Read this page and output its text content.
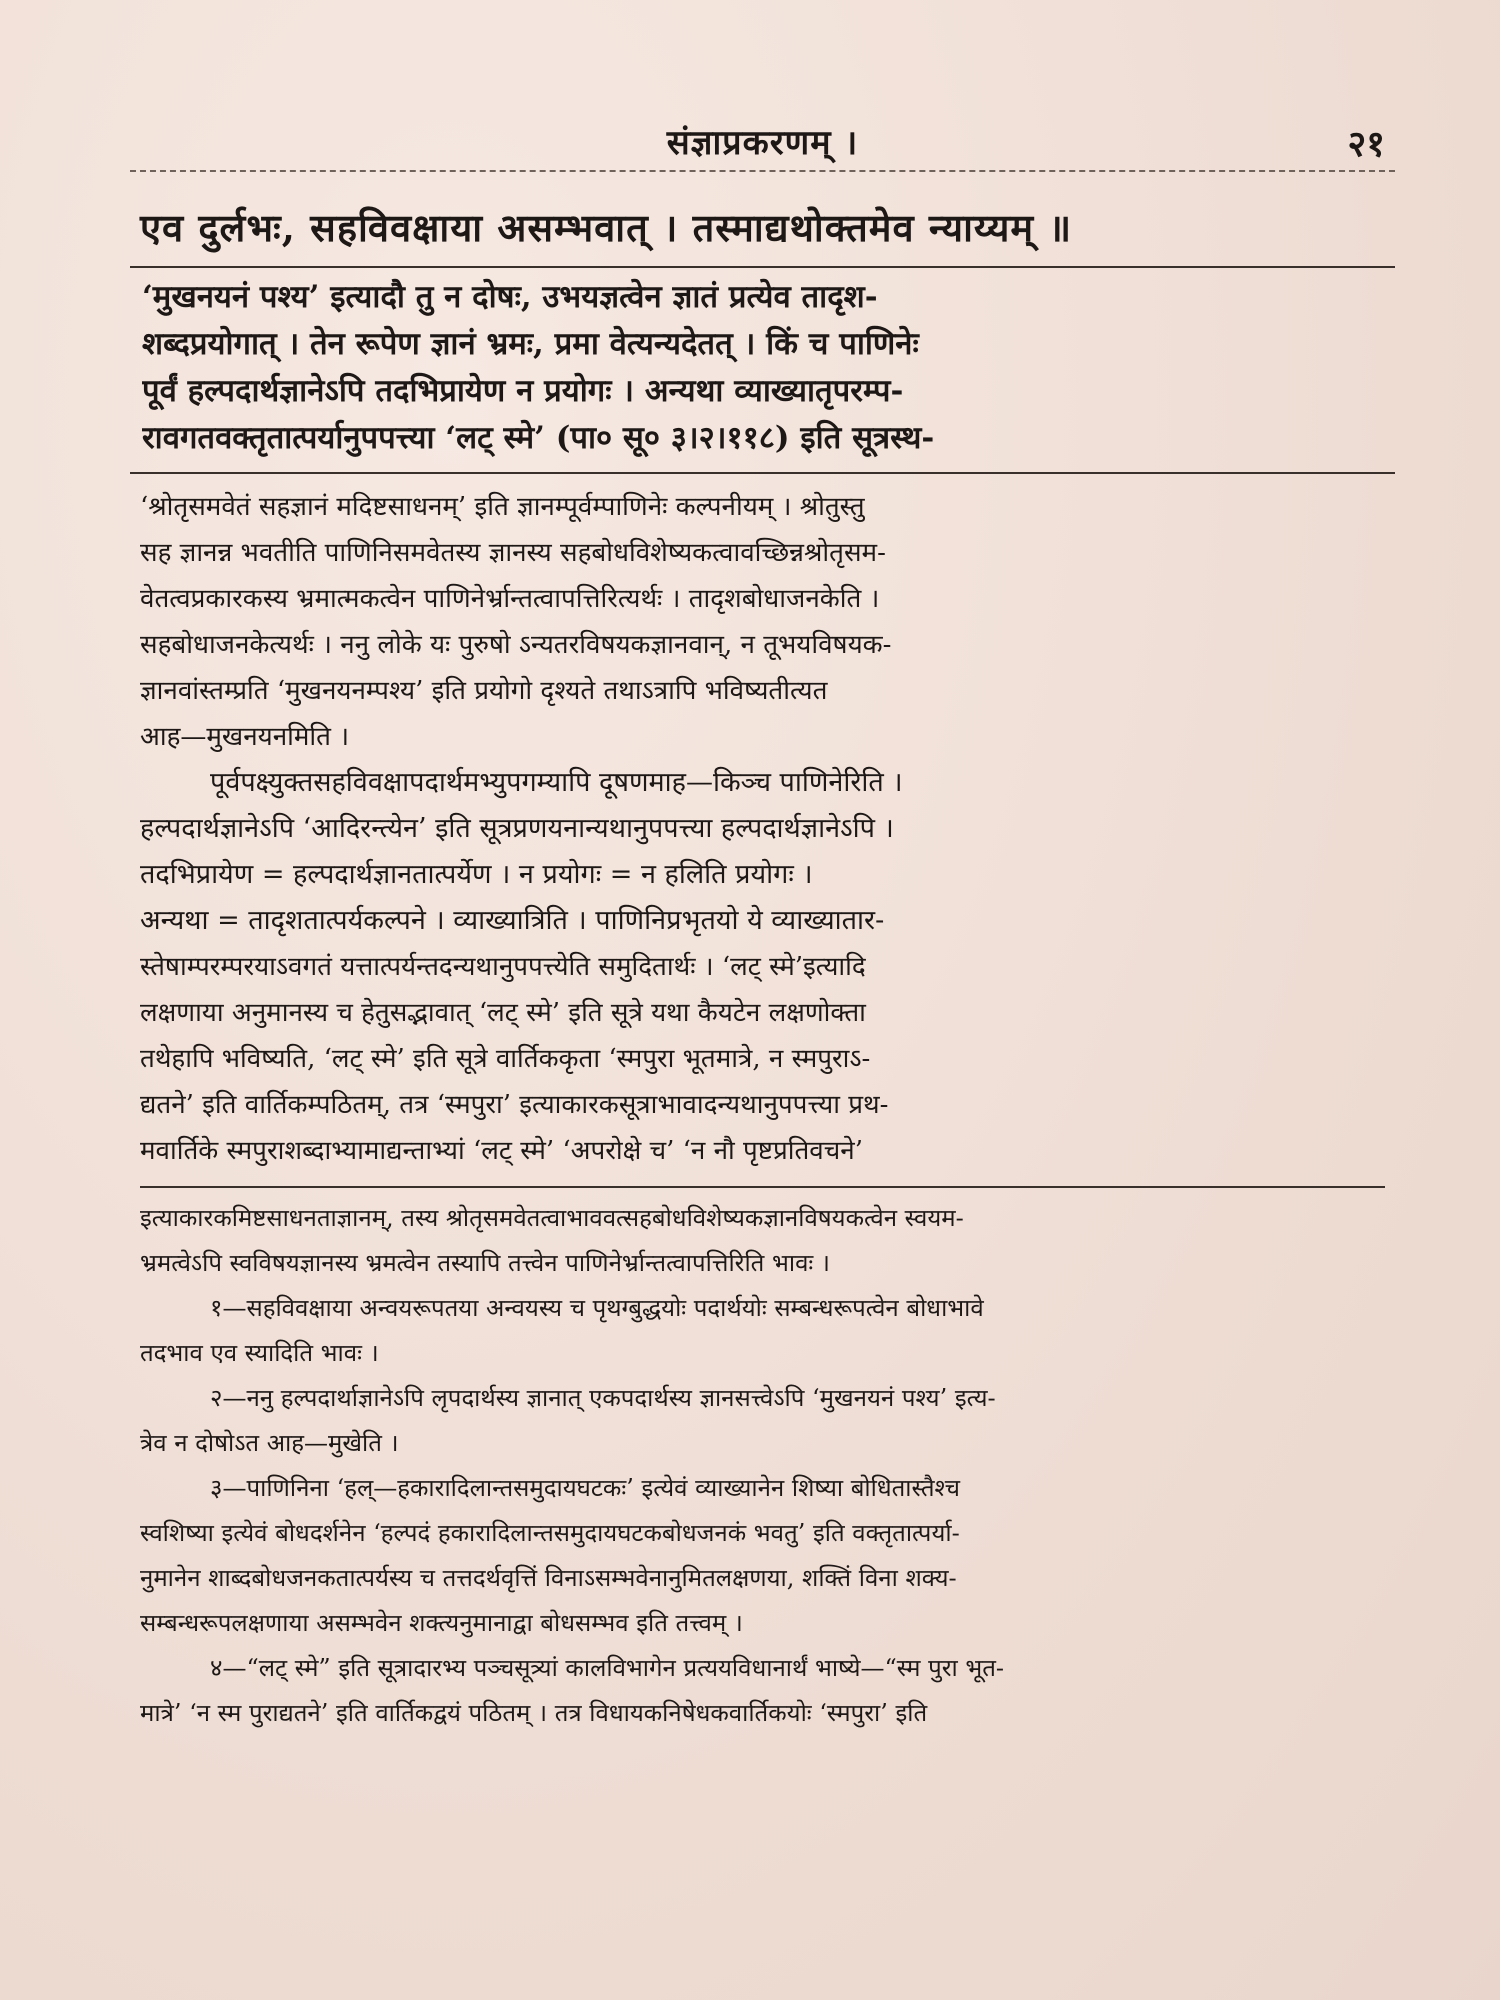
संज्ञाप्रकरणम् ।	२१
एव दुर्लभः, सहविवक्षाया असम्भवात् । तस्माद्यथोक्तमेव न्याय्यम् ॥
‘मुखनयनं पश्य’ इत्यादौ तु न दोषः, उभयज्ञत्वेन ज्ञातं प्रत्येव तादृश-
शब्दप्रयोगात् । तेन रूपेण ज्ञानं भ्रमः, प्रमा वेत्यन्यदेतत् । किं च पाणिनेः
पूर्वं हल्पदार्थज्ञानेऽपि तदभिप्रायेण न प्रयोगः । अन्यथा व्याख्यातृपरम्प-
रावगतवक्तृतात्पर्यानुपपत्त्या ‘लट् स्मे’ (पा० सू० ३।२।११८) इति सूत्रस्थ-
‘श्रोतृसमवेतं सहज्ञानं मदिष्टसाधनम्’ इति ज्ञानम्पूर्वम्पाणिनेः कल्पनीयम् । श्रोतुस्तु
सह ज्ञानन्न भवतीति पाणिनिसमवेतस्य ज्ञानस्य सहबोधविशेष्यकत्वावच्छिन्नश्रोतृसम-
वेतत्वप्रकारकस्य भ्रमात्मकत्वेन पाणिनेर्भ्रान्तत्वापत्तिरित्यर्थः । तादृशबोधाजनकेति ।
सहबोधाजनकेत्यर्थः । ननु लोके यः पुरुषो ऽन्यतरविषयकज्ञानवान्, न तूभयविषयक-
ज्ञानवांस्तम्प्रति ‘मुखनयनम्पश्य’ इति प्रयोगो दृश्यते तथाऽत्रापि भविष्यतीत्यत
आह—मुखनयनमिति ।
पूर्वपक्ष्युक्तसहविवक्षापदार्थमभ्युपगम्यापि दूषणमाह—किञ्च पाणिनेरिति ।
हल्पदार्थज्ञानेऽपि ‘आदिरन्त्येन’ इति सूत्रप्रणयनान्यथानुपपत्त्या हल्पदार्थज्ञानेऽपि ।
तदभिप्रायेण = हल्पदार्थज्ञानतात्पर्येण । न प्रयोगः = न हलिति प्रयोगः ।
अन्यथा = तादृशतात्पर्यकल्पने । व्याख्यात्रिति । पाणिनिप्रभृतयो ये व्याख्यातार-
स्तेषाम्परम्परयाऽवगतं यत्तात्पर्यन्तदन्यथानुपपत्त्येति समुदितार्थः । ‘लट् स्मे’इत्यादि
लक्षणाया अनुमानस्य च हेतुसद्भावात् ‘लट् स्मे’ इति सूत्रे यथा कैयटेन लक्षणोक्ता
तथेहापि भविष्यति, ‘लट् स्मे’ इति सूत्रे वार्तिककृता ‘स्मपुरा भूतमात्रे, न स्मपुराऽ-
द्यतने’ इति वार्तिकम्पठितम्, तत्र ‘स्मपुरा’ इत्याकारकसूत्राभावादन्यथानुपपत्त्या प्रथ-
मवार्तिके स्मपुराशब्दाभ्यामाद्यन्ताभ्यां ‘लट् स्मे’ ‘अपरोक्षे च’ ‘न नौ पृष्टप्रतिवचने’
इत्याकारकमिष्टसाधनताज्ञानम्, तस्य श्रोतृसमवेतत्वाभाववत्सहबोधविशेष्यकज्ञानविषयकत्वेन स्वयम-
भ्रमत्वेऽपि स्वविषयज्ञानस्य भ्रमत्वेन तस्यापि तत्त्वेन पाणिनेर्भ्रान्तत्वापत्तिरिति भावः ।
१—सहविवक्षाया अन्वयरूपतया अन्वयस्य च पृथग्बुद्धयोः पदार्थयोः सम्बन्धरूपत्वेन बोधाभावे
तदभाव एव स्यादिति भावः ।
२—ननु हल्पदार्थाज्ञानेऽपि लृपदार्थस्य ज्ञानात् एकपदार्थस्य ज्ञानसत्त्वेऽपि ‘मुखनयनं पश्य’ इत्य-
त्रेव न दोषोऽत आह—मुखेति ।
३—पाणिनिना ‘हल्—हकारादिलान्तसमुदायघटकः’ इत्येवं व्याख्यानेन शिष्या बोधितास्तैश्च
स्वशिष्या इत्येवं बोधदर्शनेन ‘हल्पदं हकारादिलान्तसमुदायघटकबोधजनकं भवतु’ इति वक्तृतात्पर्या-
नुमानेन शाब्दबोधजनकतात्पर्यस्य च तत्तदर्थवृत्तिं विनाऽसम्भवेनानुमितलक्षणया, शक्तिं विना शक्य-
सम्बन्धरूपलक्षणाया असम्भवेन शक्त्यनुमानाद्वा बोधसम्भव इति तत्त्वम् ।
४—“लट् स्मे” इति सूत्रादारभ्य पञ्चसूत्र्यां कालविभागेन प्रत्ययविधानार्थं भाष्ये—“स्म पुरा भूत-
मात्रे’ ‘न स्म पुराद्यतने’ इति वार्तिकद्वयं पठितम् । तत्र विधायकनिषेधकवार्तिकयोः ‘स्मपुरा’ इति
